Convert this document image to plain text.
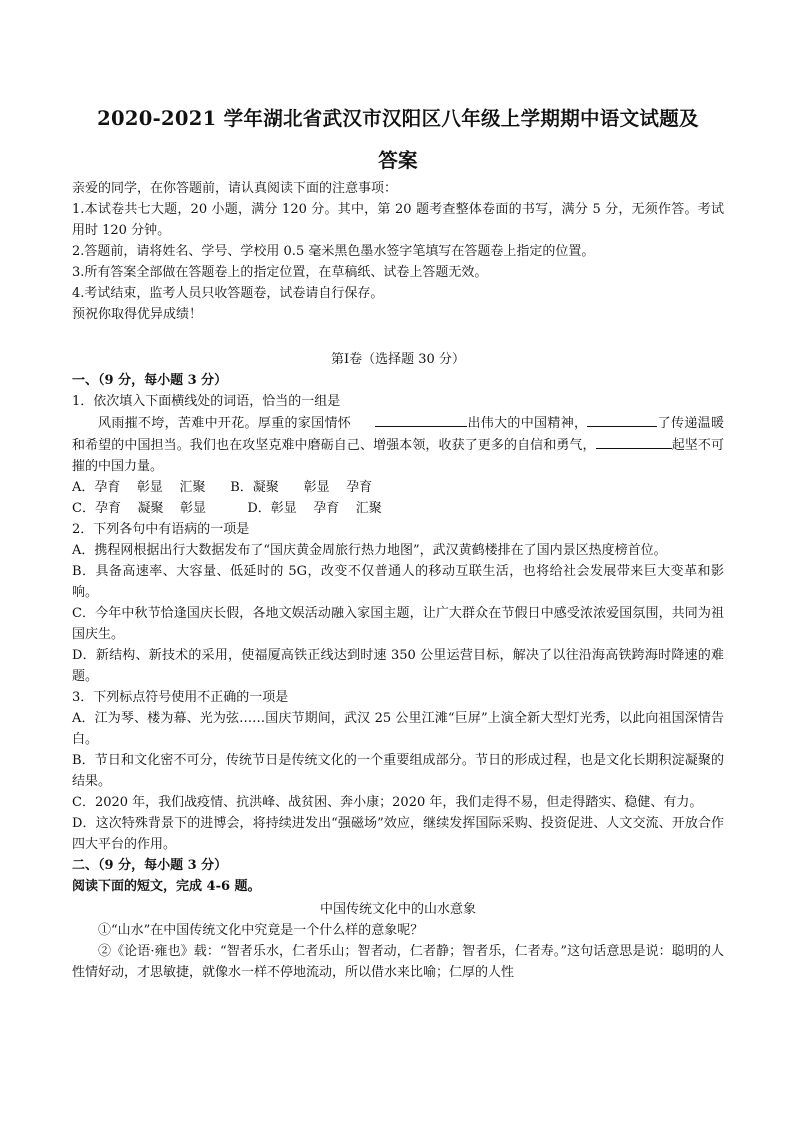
2020-2021 学年湖北省武汉市汉阳区八年级上学期期中语文试题及
答案

亲爱的同学，在你答题前，请认真阅读下面的注意事项：

1.本试卷共七大题，20 小题，满分 120 分。其中，第 20 题考查整体卷面的书写，满分 5 分，无须作答。考试用时 120 分钟。

2.答题前，请将姓名、学号、学校用 0.5 毫米黑色墨水签字笔填写在答题卷上指定的位置。

3.所有答案全部做在答题卷上的指定位置，在草稿纸、试卷上答题无效。

4.考试结束，监考人员只收答题卷，试卷请自行保存。

预祝你取得优异成绩！

第Ⅰ卷（选择题 30 分）

一、（9 分，每小题 3 分）

1．依次填入下面横线处的词语，恰当的一组是

风雨摧不垮，苦难中开花。厚重的家国情怀	出伟大的中国精神，	了传递温暖和希望的中国担当。我们也在攻坚克难中磨砺自己、增强本领，收获了更多的自信和勇气，	起坚不可摧的中国力量。

A．孕育    彰显    汇聚      B．凝聚      彰显    孕育

C．孕育    凝聚    彰显          D．彰显    孕育    汇聚

2．下列各句中有语病的一项是

A．携程网根据出行大数据发布了“国庆黄金周旅行热力地图”，武汉黄鹤楼排在了国内景区热度榜首位。

B．具备高速率、大容量、低延时的 5G，改变不仅普通人的移动互联生活，也将给社会发展带来巨大变革和影响。

C．今年中秋节恰逢国庆长假，各地文娱活动融入家国主题，让广大群众在节假日中感受浓浓爱国氛围，共同为祖国庆生。

D．新结构、新技术的采用，使福厦高铁正线达到时速 350 公里运营目标，解决了以往沿海高铁跨海时降速的难题。

3．下列标点符号使用不正确的一项是

A．江为琴、楼为幕、光为弦……国庆节期间，武汉 25 公里江滩“巨屏”上演全新大型灯光秀，以此向祖国深情告白。

B．节日和文化密不可分，传统节日是传统文化的一个重要组成部分。节日的形成过程，也是文化长期积淀凝聚的结果。

C．2020 年，我们战疫情、抗洪峰、战贫困、奔小康；2020 年，我们走得不易，但走得踏实、稳健、有力。

D．这次特殊背景下的进博会，将持续进发出“强磁场”效应，继续发挥国际采购、投资促进、人文交流、开放合作四大平台的作用。

二、（9 分，每小题 3 分）

阅读下面的短文，完成 4-6 题。

中国传统文化中的山水意象

①“山水”在中国传统文化中究竟是一个什么样的意象呢？

②《论语·雍也》载：“智者乐水，仁者乐山；智者动，仁者静；智者乐，仁者寿。”这句话意思是说：聪明的人性情好动，才思敏捷，就像水一样不停地流动，所以借水来比喻；仁厚的人性
